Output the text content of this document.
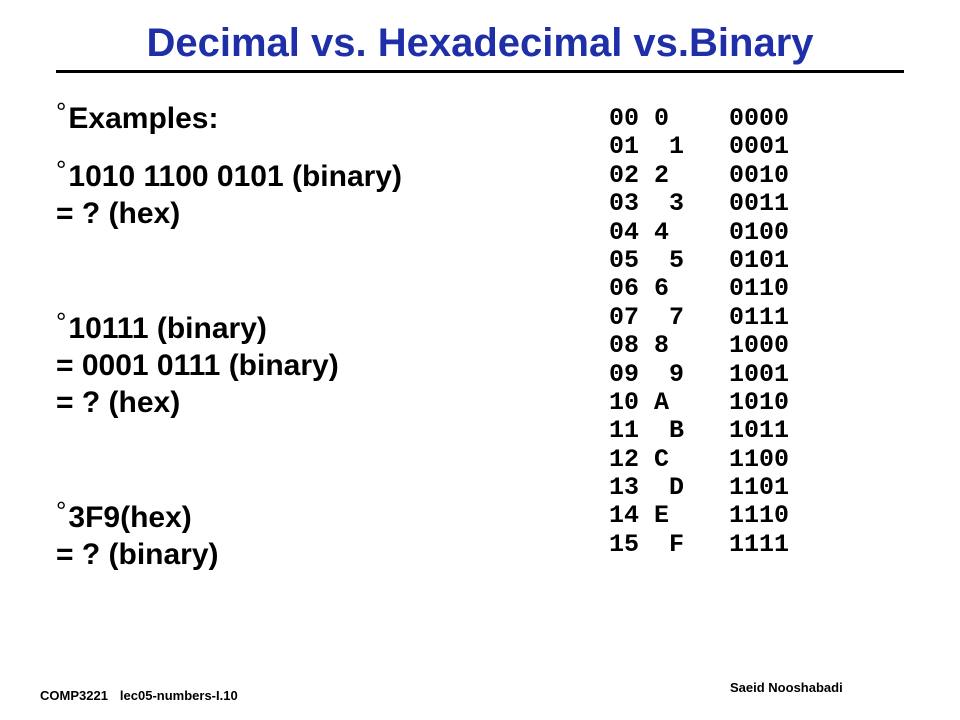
Decimal vs. Hexadecimal vs.Binary
°Examples:
°1010 1100 0101 (binary)
= ? (hex)
°10111 (binary)
= 0001 0111 (binary)
= ? (hex)
°3F9(hex)
= ? (binary)
00 0 0000
01 1 0001
02 2 0010
03 3 0011
04 4 0100
05 5 0101
06 6 0110
07 7 0111
08 8 1000
09 9 1001
10 A 1010
11 B 1011
12 C 1100
13 D 1101
14 E 1110
15 F 1111
COMP3221 lec05-numbers-I.10
Saeid Nooshabadi
